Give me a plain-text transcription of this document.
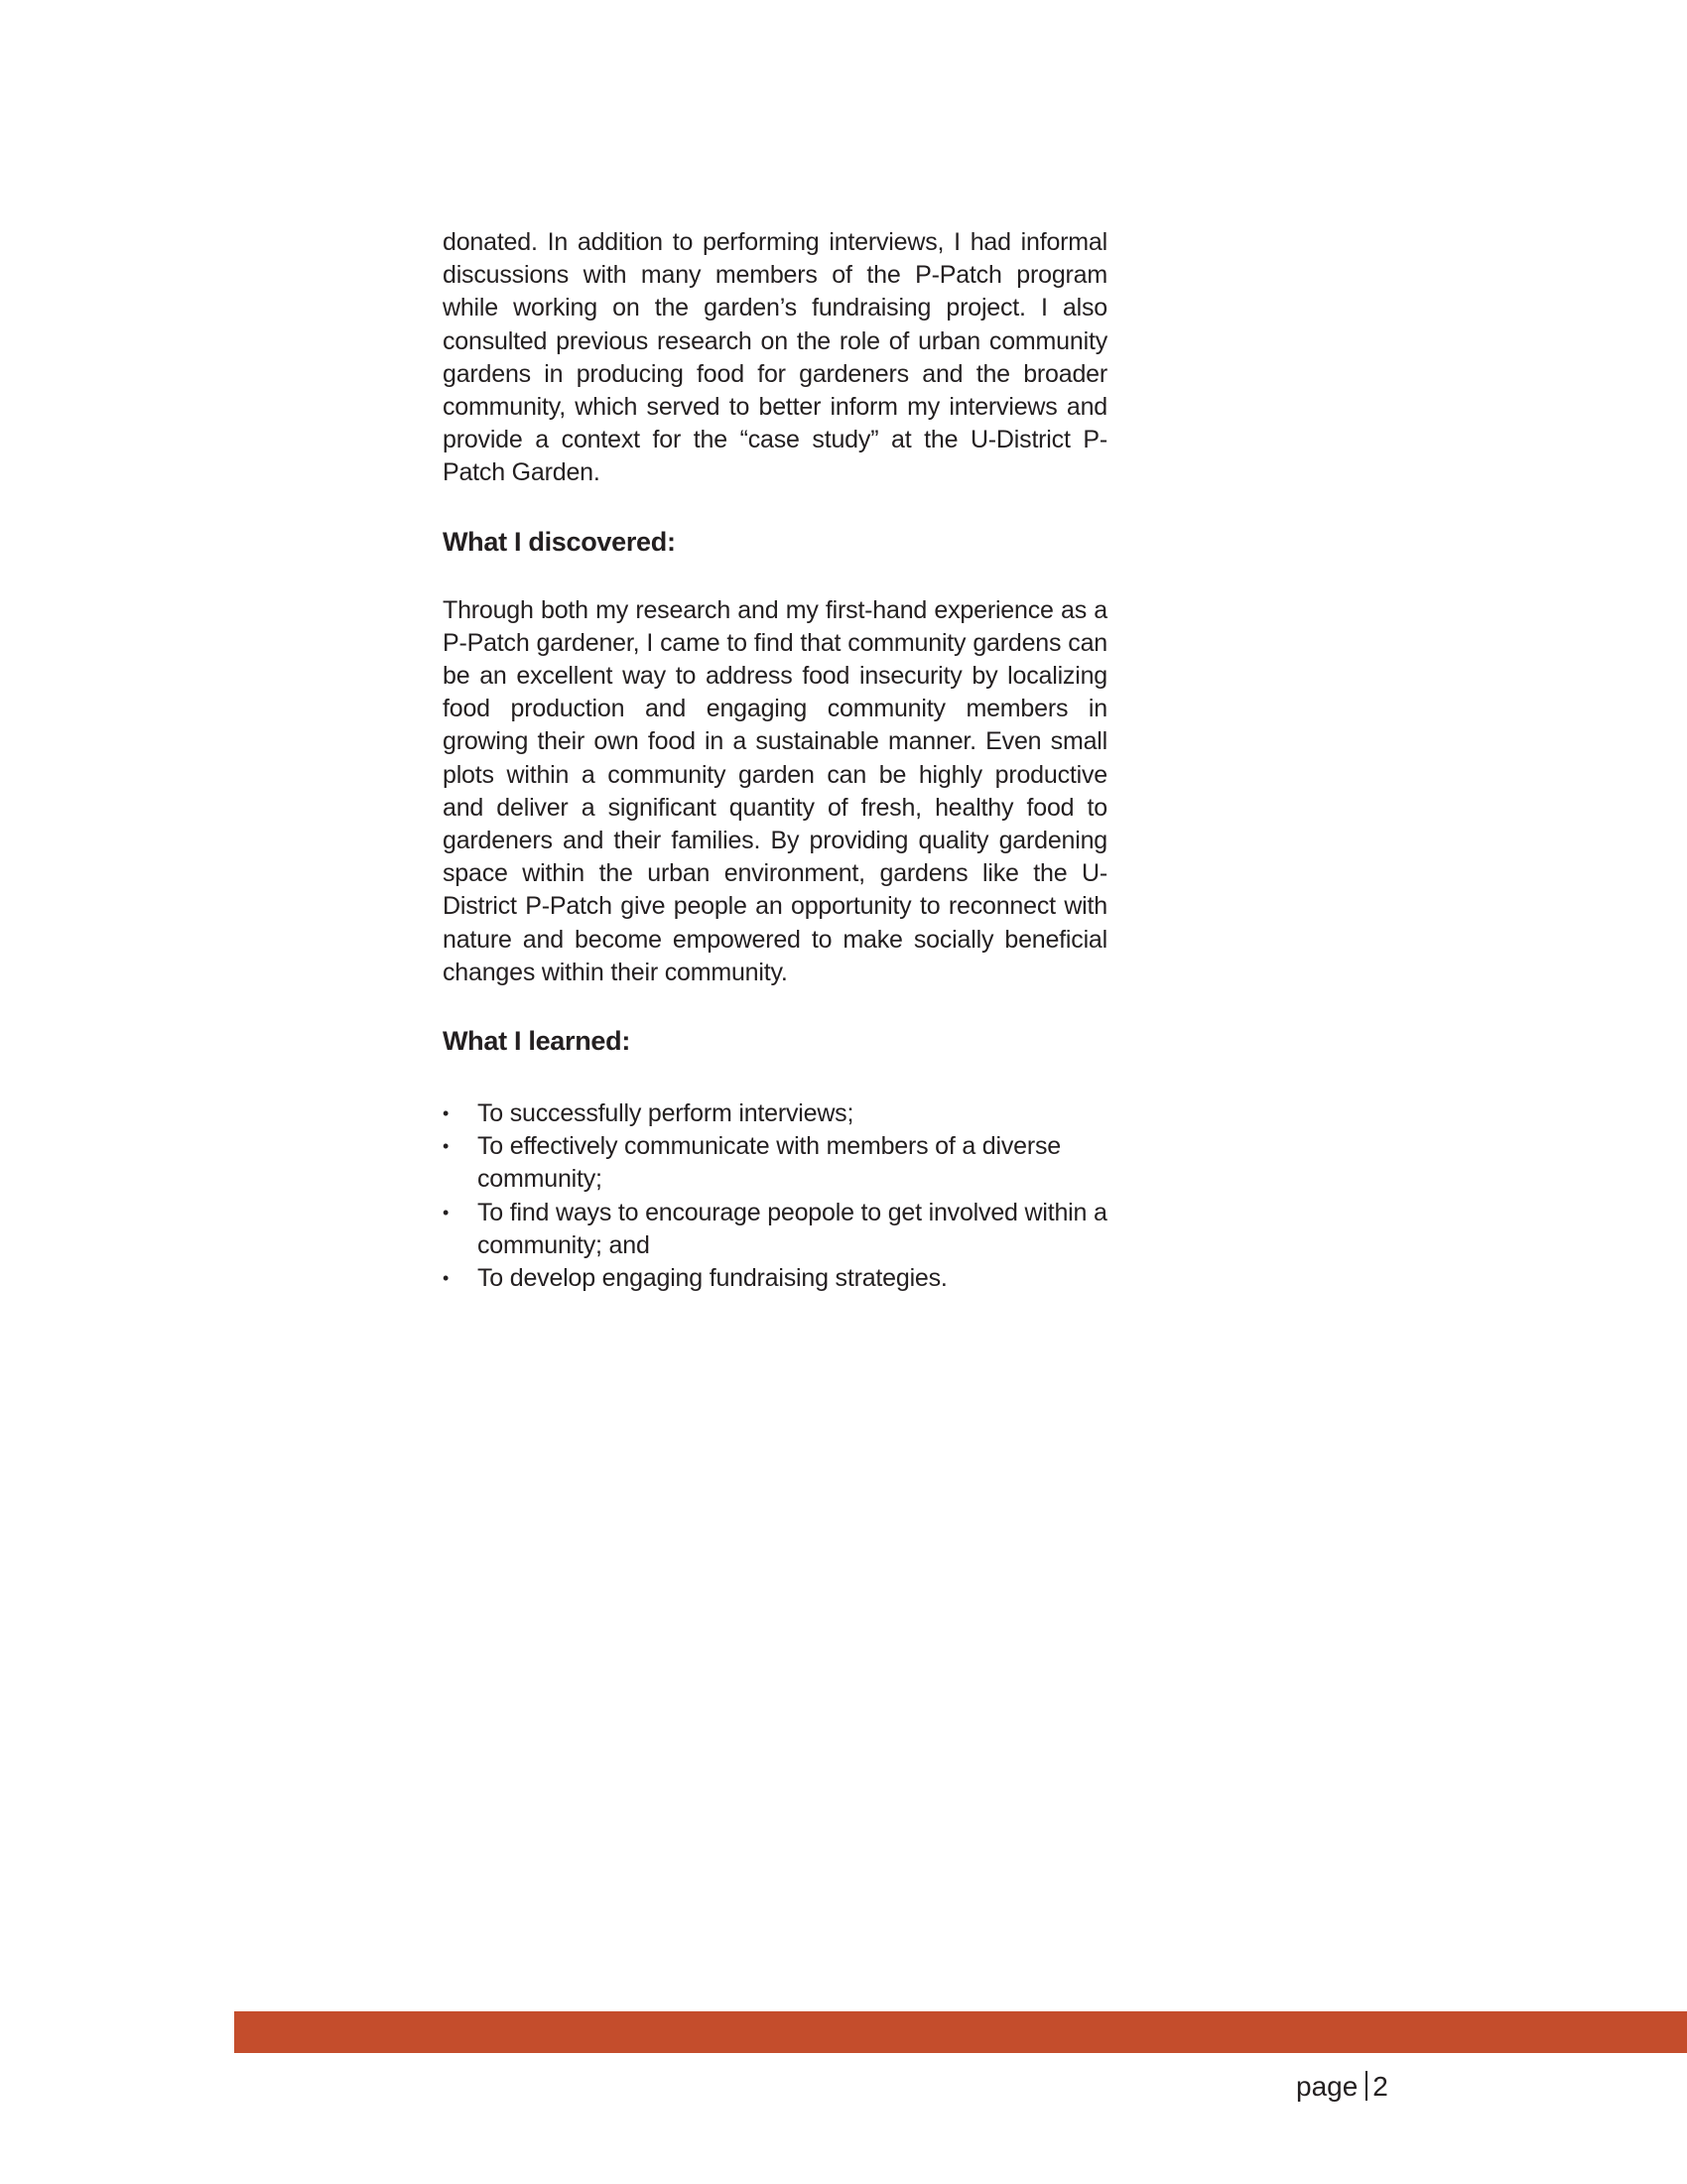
donated. In addition to performing interviews, I had informal discussions with many members of the P-Patch program while working on the garden’s fundraising project. I also consulted previous research on the role of urban community gardens in producing food for gardeners and the broader community, which served to better inform my interviews and provide a context for the “case study” at the U-District P-Patch Garden.

What I discovered:

Through both my research and my first-hand experience as a P-Patch gardener, I came to find that community gardens can be an excellent way to address food insecurity by localizing food production and engaging community members in growing their own food in a sustainable manner. Even small plots within a community garden can be highly productive and deliver a significant quantity of fresh, healthy food to gardeners and their families. By providing quality gardening space within the urban environment, gardens like the U-District P-Patch give people an opportunity to reconnect with nature and become empowered to make socially beneficial changes within their community.

What I learned:
• To successfully perform interviews;
• To effectively communicate with members of a diverse community;
• To find ways to encourage peopole to get involved within a community; and
• To develop engaging fundraising strategies.
page 2
